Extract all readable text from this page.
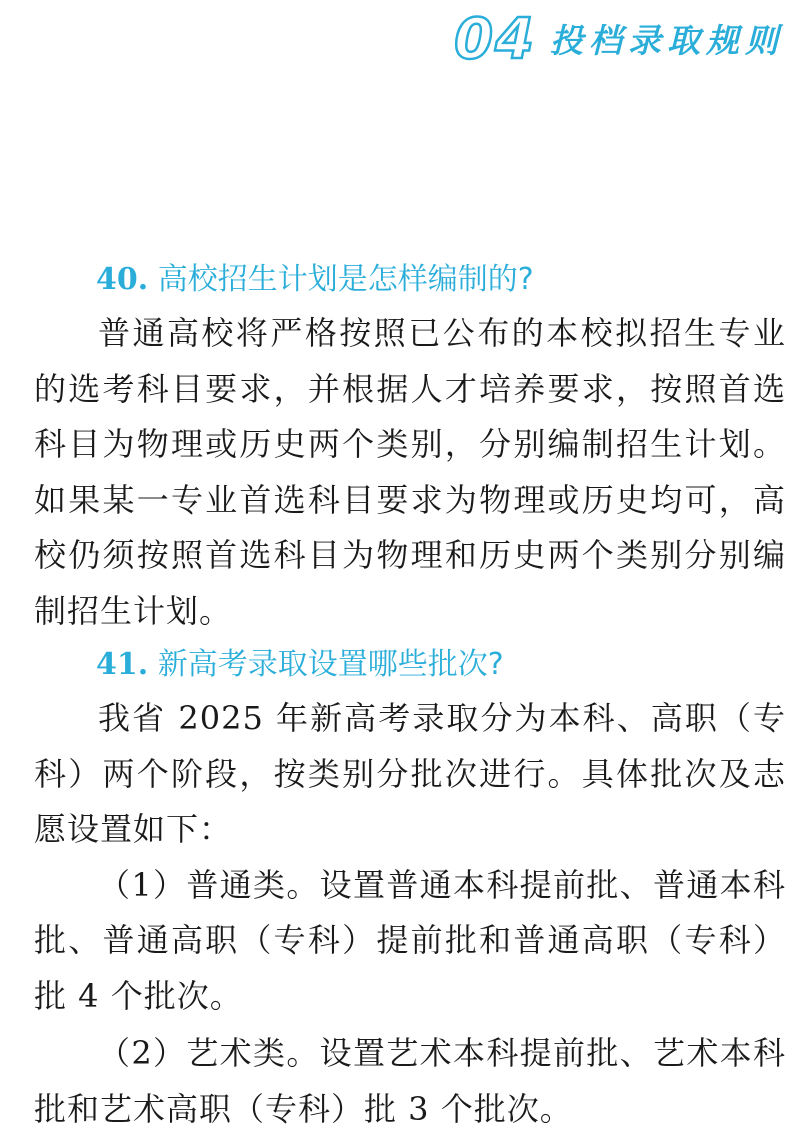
04 投档录取规则
40. 高校招生计划是怎样编制的?

普通高校将严格按照已公布的本校拟招生专业的选考科目要求，并根据人才培养要求，按照首选科目为物理或历史两个类别，分别编制招生计划。如果某一专业首选科目要求为物理或历史均可，高校仍须按照首选科目为物理和历史两个类别分别编制招生计划。

41. 新高考录取设置哪些批次?

我省 2025 年新高考录取分为本科、高职（专科）两个阶段，按类别分批次进行。具体批次及志愿设置如下：

（1）普通类。设置普通本科提前批、普通本科批、普通高职（专科）提前批和普通高职（专科）批 4 个批次。

（2）艺术类。设置艺术本科提前批、艺术本科批和艺术高职（专科）批 3 个批次。
